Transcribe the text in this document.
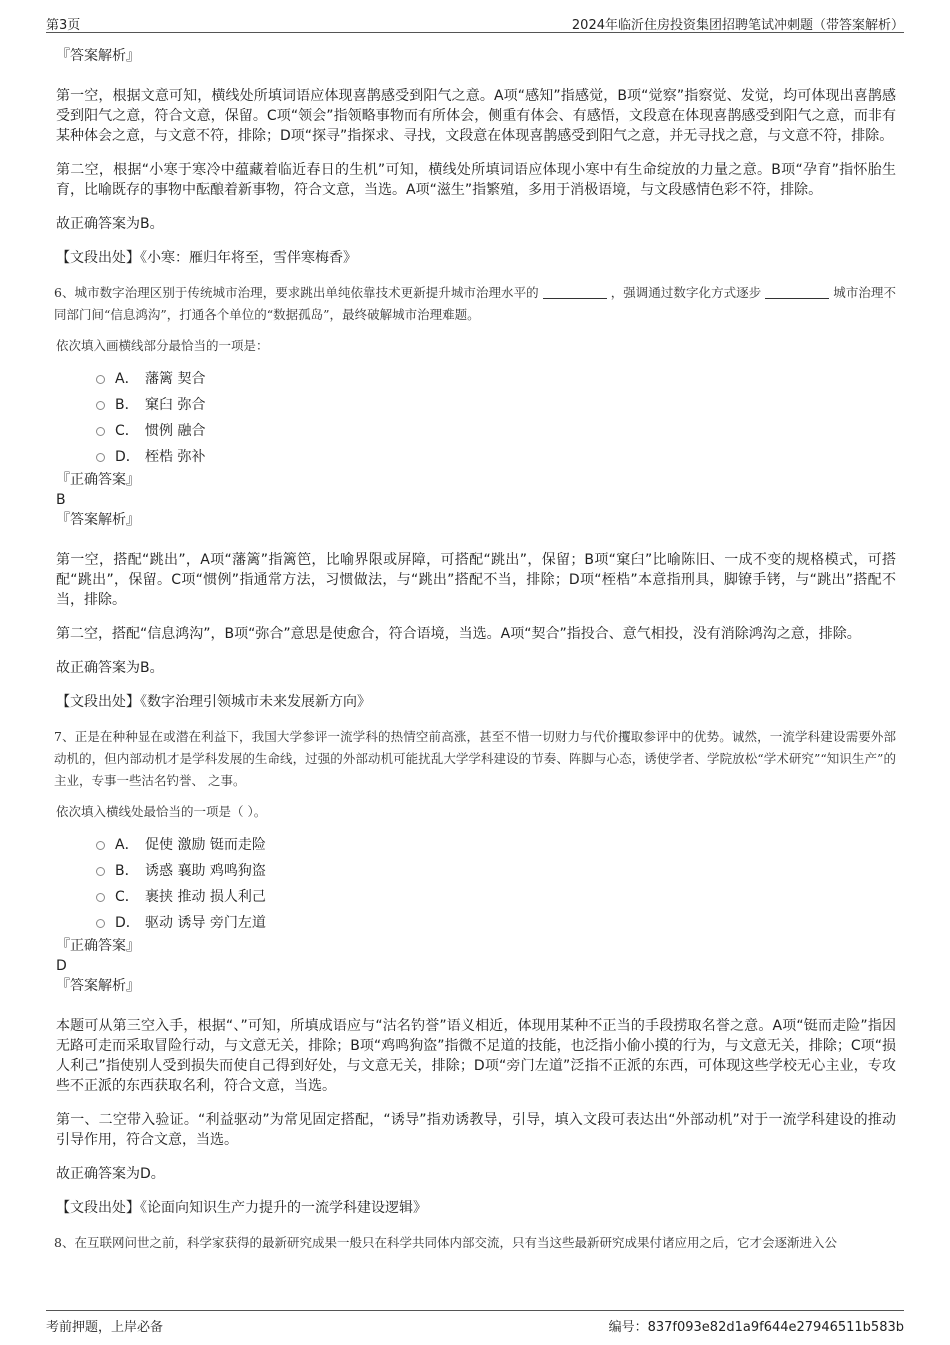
第3页	2024年临沂住房投资集团招聘笔试冲刺题（带答案解析）

『答案解析』

第一空，根据文意可知，横线处所填词语应体现喜鹊感受到阳气之意。A项“感知”指感觉，B项“觉察”指察觉、发觉，均可体现出喜鹊感受到阳气之意，符合文意，保留。C项“领会”指领略事物而有所体会，侧重有体会、有感悟，文段意在体现喜鹊感受到阳气之意，而非有某种体会之意，与文意不符，排除；D项“探寻”指探求、寻找，文段意在体现喜鹊感受到阳气之意，并无寻找之意，与文意不符，排除。

第二空，根据“小寒于寒冷中蕴藏着临近春日的生机”可知，横线处所填词语应体现小寒中有生命绽放的力量之意。B项“孕育”指怀胎生育，比喻既存的事物中酝酿着新事物，符合文意，当选。A项“滋生”指繁殖，多用于消极语境，与文段感情色彩不符，排除。

故正确答案为B。

【文段出处】《小寒：雁归年将至，雪伴寒梅香》

6、城市数字治理区别于传统城市治理，要求跳出单纯依靠技术更新提升城市治理水平的	，强调通过数字化方式逐步	城市治理不同部门间“信息鸿沟”，打通各个单位的“数据孤岛”，最终破解城市治理难题。

依次填入画横线部分最恰当的一项是：

A． 藩篱 契合
B． 窠臼 弥合
C． 惯例 融合
D． 桎梏 弥补

『正确答案』

B

『答案解析』

第一空，搭配“跳出”，A项“藩篱”指篱笆，比喻界限或屏障，可搭配“跳出”，保留；B项“窠臼”比喻陈旧、一成不变的规格模式，可搭配“跳出”，保留。C项“惯例”指通常方法，习惯做法，与“跳出”搭配不当，排除；D项“桎梏”本意指刑具，脚镣手铐，与“跳出”搭配不当，排除。

第二空，搭配“信息鸿沟”，B项“弥合”意思是使愈合，符合语境，当选。A项“契合”指投合、意气相投，没有消除鸿沟之意，排除。

故正确答案为B。

【文段出处】《数字治理引领城市未来发展新方向》

7、正是在种种显在或潜在利益下，我国大学参评一流学科的热情空前高涨，甚至不惜一切财力与代价攫取参评中的优势。诚然，一流学科建设需要外部动机的，但内部动机才是学科发展的生命线，过强的外部动机可能扰乱大学学科建设的节奏、阵脚与心态，诱使学者、学院放松“学术研究”“知识生产”的主业，专事一些沽名钓誉、 之事。

依次填入横线处最恰当的一项是（ ）。

A． 促使 激励 铤而走险
B． 诱惑 襄助 鸡鸣狗盗
C． 裹挟 推动 损人利己
D． 驱动 诱导 旁门左道

『正确答案』

D

『答案解析』

本题可从第三空入手，根据“、”可知，所填成语应与“沽名钓誉”语义相近，体现用某种不正当的手段捞取名誉之意。A项“铤而走险”指因无路可走而采取冒险行动，与文意无关，排除；B项“鸡鸣狗盗”指微不足道的技能，也泛指小偷小摸的行为，与文意无关，排除；C项“损人利己”指使别人受到损失而使自己得到好处，与文意无关，排除；D项“旁门左道”泛指不正派的东西，可体现这些学校无心主业，专攻些不正派的东西获取名利，符合文意，当选。

第一、二空带入验证。“利益驱动”为常见固定搭配，“诱导”指劝诱教导，引导，填入文段可表达出“外部动机”对于一流学科建设的推动引导作用，符合文意，当选。

故正确答案为D。

【文段出处】《论面向知识生产力提升的一流学科建设逻辑》

8、在互联网问世之前，科学家获得的最新研究成果一般只在科学共同体内部交流，只有当这些最新研究成果付诸应用之后，它才会逐渐进入公

考前押题，上岸必备	编号：837f093e82d1a9f644e27946511b583b
